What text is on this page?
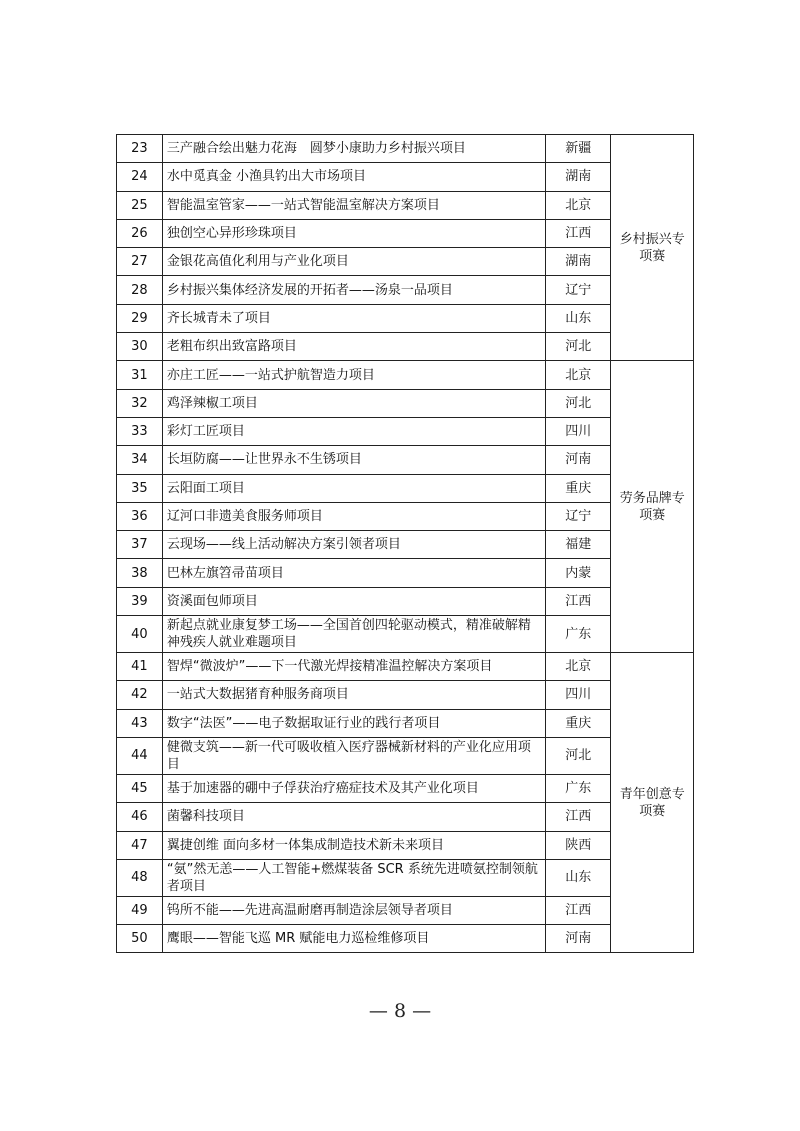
23	三产融合绘出魅力花海　圆梦小康助力乡村振兴项目	新疆	乡村振兴专项赛
24	水中觅真金 小渔具钓出大市场项目	湖南	
25	智能温室管家——一站式智能温室解决方案项目	北京	
26	独创空心异形珍珠项目	江西	
27	金银花高值化利用与产业化项目	湖南	
28	乡村振兴集体经济发展的开拓者——汤泉一品项目	辽宁	
29	齐长城青未了项目	山东	
30	老粗布织出致富路项目	河北	
31	亦庄工匠——一站式护航智造力项目	北京	劳务品牌专项赛
32	鸡泽辣椒工项目	河北	
33	彩灯工匠项目	四川	
34	长垣防腐——让世界永不生锈项目	河南	
35	云阳面工项目	重庆	
36	辽河口非遗美食服务师项目	辽宁	
37	云现场——线上活动解决方案引领者项目	福建	
38	巴林左旗笤帚苗项目	内蒙	
39	资溪面包师项目	江西	
40	新起点就业康复梦工场——全国首创四轮驱动模式，精准破解精神残疾人就业难题项目	广东	
41	智焊“微波炉”——下一代激光焊接精准温控解决方案项目	北京	青年创意专项赛
42	一站式大数据猪育种服务商项目	四川	
43	数字“法医”——电子数据取证行业的践行者项目	重庆	
44	健微支筑——新一代可吸收植入医疗器械新材料的产业化应用项目	河北	
45	基于加速器的硼中子俘获治疗癌症技术及其产业化项目	广东	
46	菌馨科技项目	江西	
47	翼捷创维 面向多材一体集成制造技术新未来项目	陕西	
48	“氨”然无恙——人工智能+燃煤装备 SCR 系统先进喷氨控制领航者项目	山东	
49	钨所不能——先进高温耐磨再制造涂层领导者项目	江西	
50	鹰眼——智能飞巡 MR 赋能电力巡检维修项目	河南	
— 8 —
